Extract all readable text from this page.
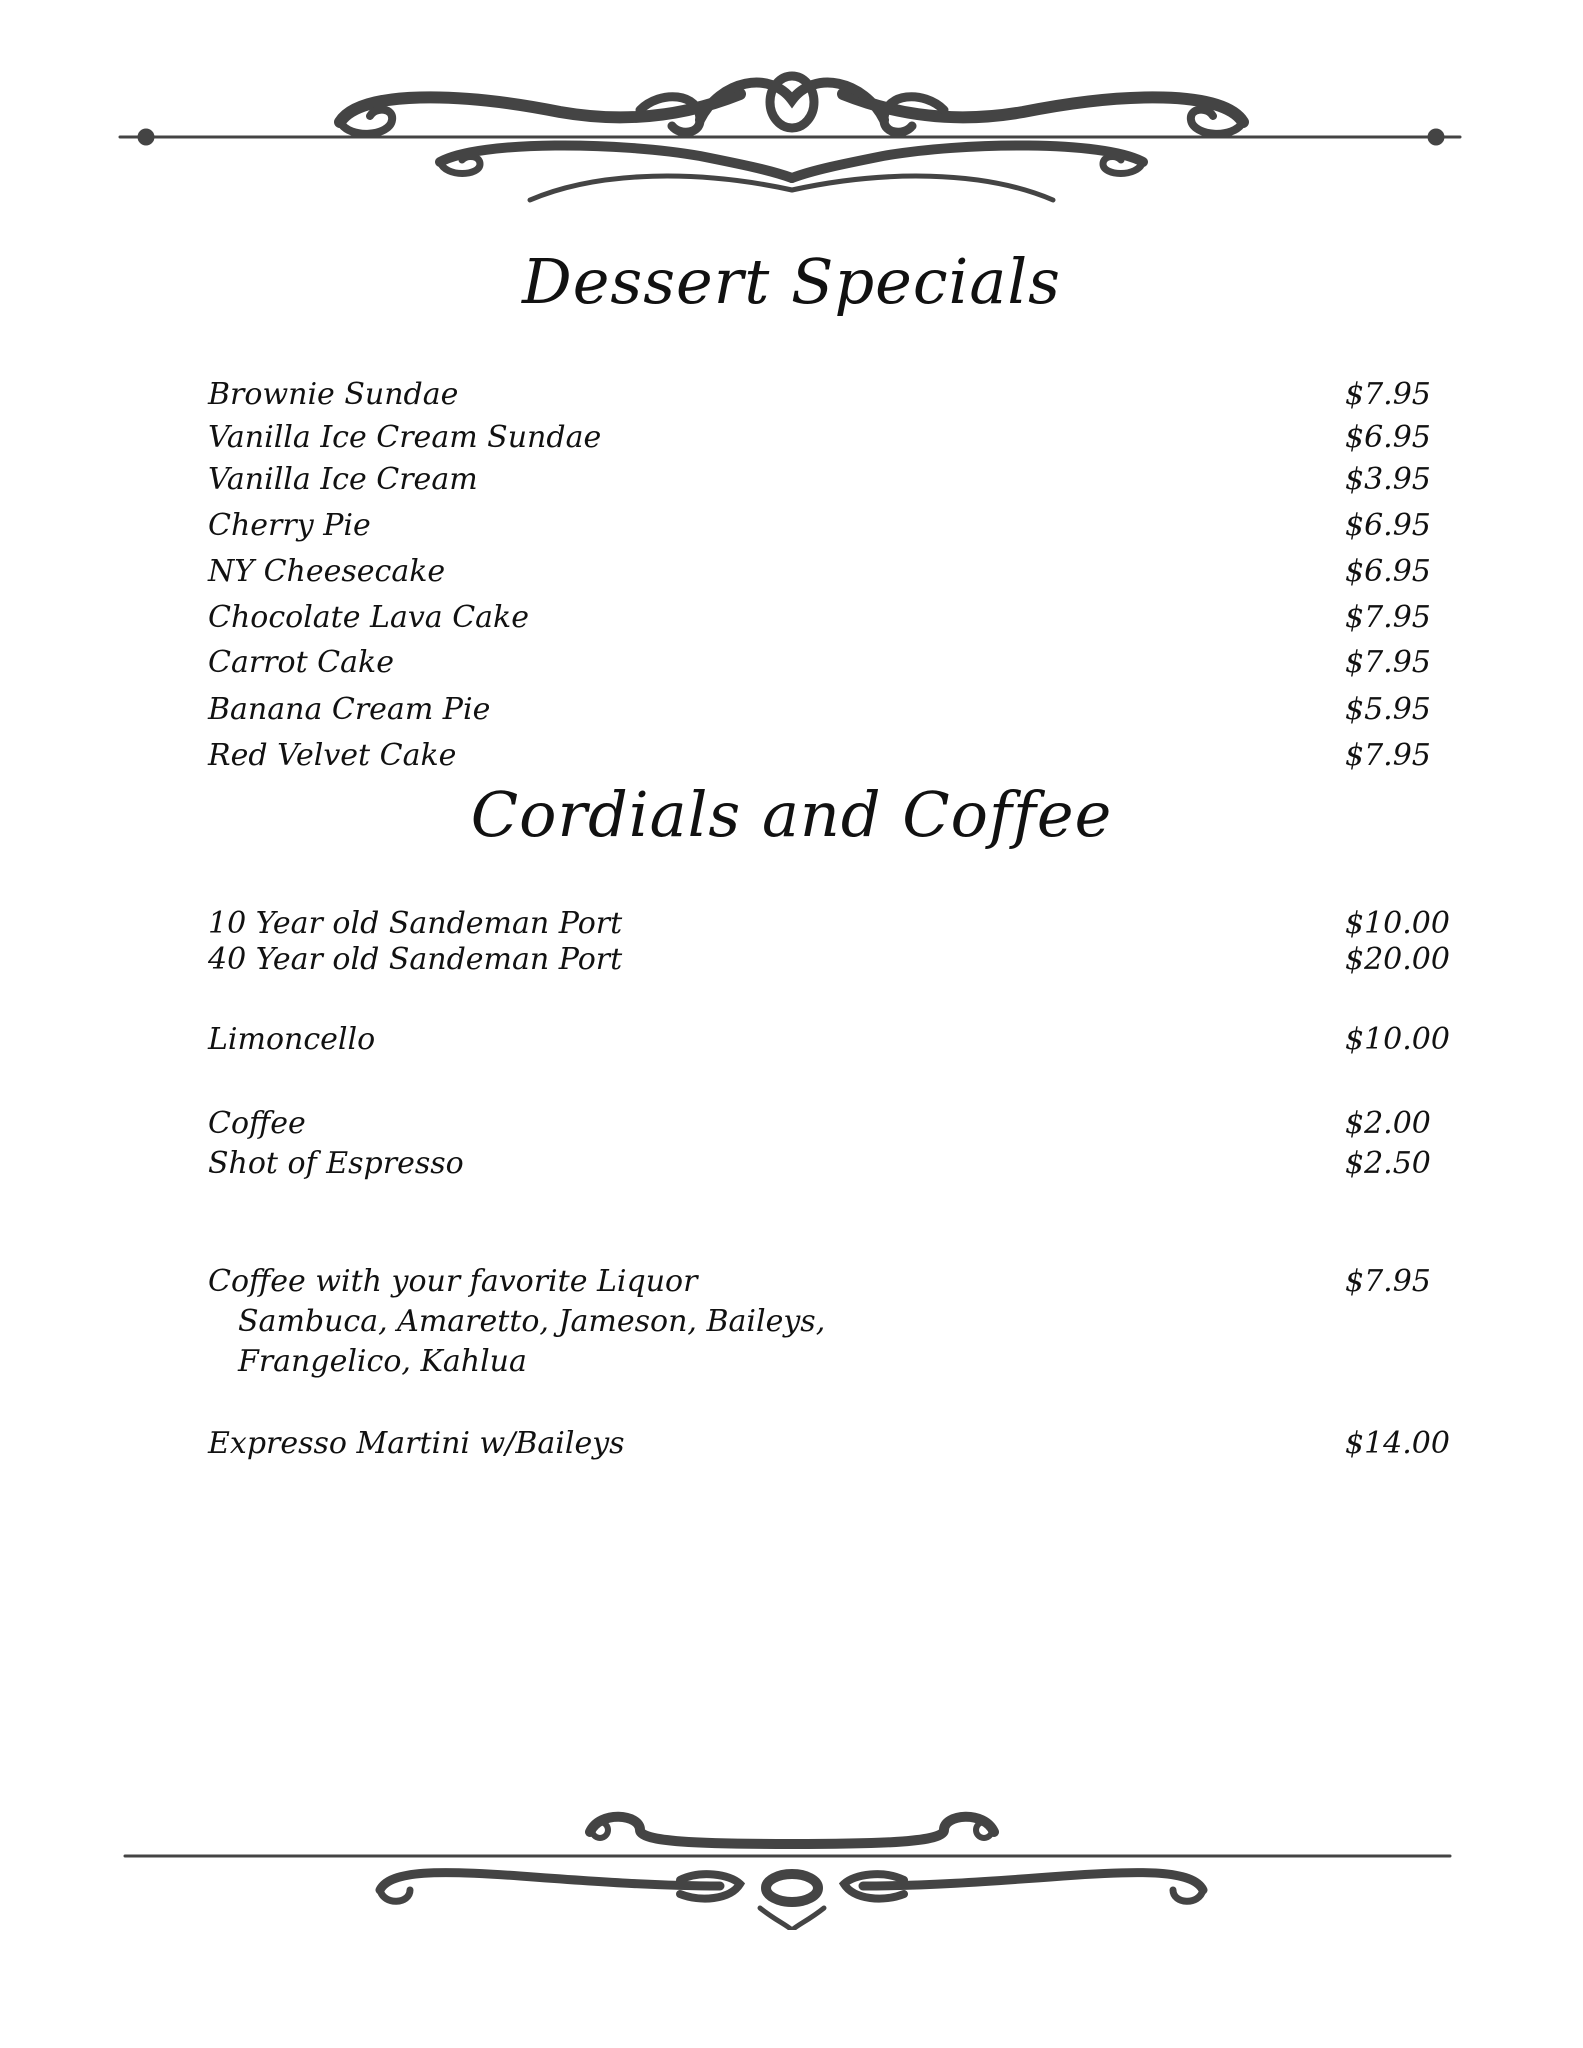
Dessert Specials
Brownie Sundae	$7.95
Vanilla Ice Cream Sundae	$6.95
Vanilla Ice Cream	$3.95
Cherry Pie	$6.95
NY Cheesecake	$6.95
Chocolate Lava Cake	$7.95
Carrot Cake	$7.95
Banana Cream Pie	$5.95
Red Velvet Cake	$7.95
Cordials and Coffee
10 Year old Sandeman Port	$10.00
40 Year old Sandeman Port	$20.00
Limoncello	$10.00
Coffee	$2.00
Shot of Espresso	$2.50
Coffee with your favorite Liquor	$7.95
Sambuca, Amaretto, Jameson, Baileys,
Frangelico, Kahlua
Expresso Martini w/Baileys	$14.00
